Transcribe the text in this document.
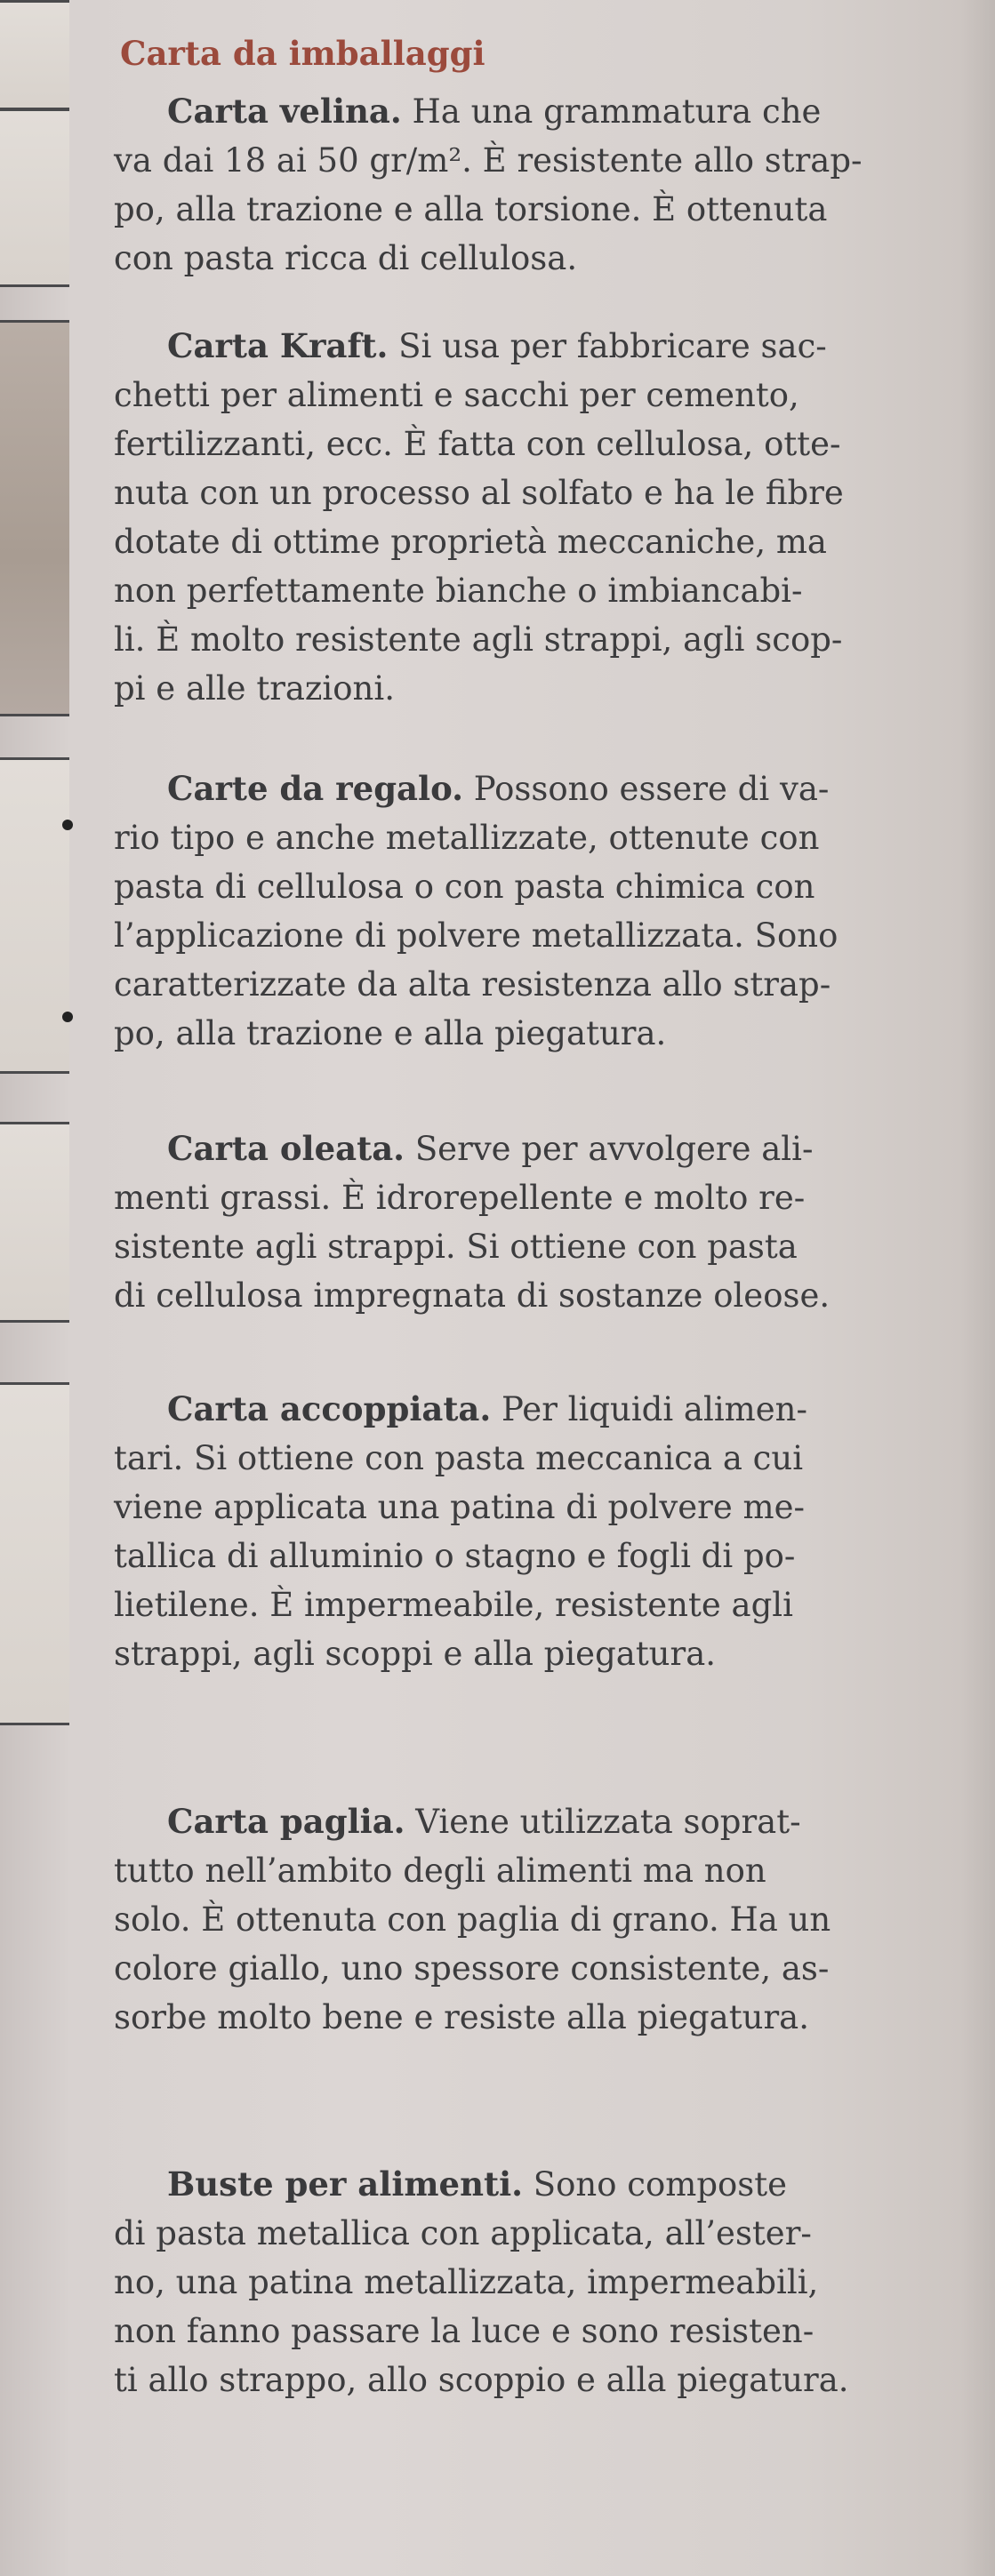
Carta da imballaggi

Carta velina. Ha una grammatura che
va dai 18 ai 50 gr/m². È resistente allo strap-
po, alla trazione e alla torsione. È ottenuta
con pasta ricca di cellulosa.

Carta Kraft. Si usa per fabbricare sac-
chetti per alimenti e sacchi per cemento,
fertilizzanti, ecc. È fatta con cellulosa, otte-
nuta con un processo al solfato e ha le fibre
dotate di ottime proprietà meccaniche, ma
non perfettamente bianche o imbiancabi-
li. È molto resistente agli strappi, agli scop-
pi e alle trazioni.

Carte da regalo. Possono essere di va-
rio tipo e anche metallizzate, ottenute con
pasta di cellulosa o con pasta chimica con
l’applicazione di polvere metallizzata. Sono
caratterizzate da alta resistenza allo strap-
po, alla trazione e alla piegatura.

Carta oleata. Serve per avvolgere ali-
menti grassi. È idrorepellente e molto re-
sistente agli strappi. Si ottiene con pasta
di cellulosa impregnata di sostanze oleose.

Carta accoppiata. Per liquidi alimen-
tari. Si ottiene con pasta meccanica a cui
viene applicata una patina di polvere me-
tallica di alluminio o stagno e fogli di po-
lietilene. È impermeabile, resistente agli
strappi, agli scoppi e alla piegatura.

Carta paglia. Viene utilizzata soprat-
tutto nell’ambito degli alimenti ma non
solo. È ottenuta con paglia di grano. Ha un
colore giallo, uno spessore consistente, as-
sorbe molto bene e resiste alla piegatura.

Buste per alimenti. Sono composte
di pasta metallica con applicata, all’ester-
no, una patina metallizzata, impermeabili,
non fanno passare la luce e sono resisten-
ti allo strappo, allo scoppio e alla piegatura.
